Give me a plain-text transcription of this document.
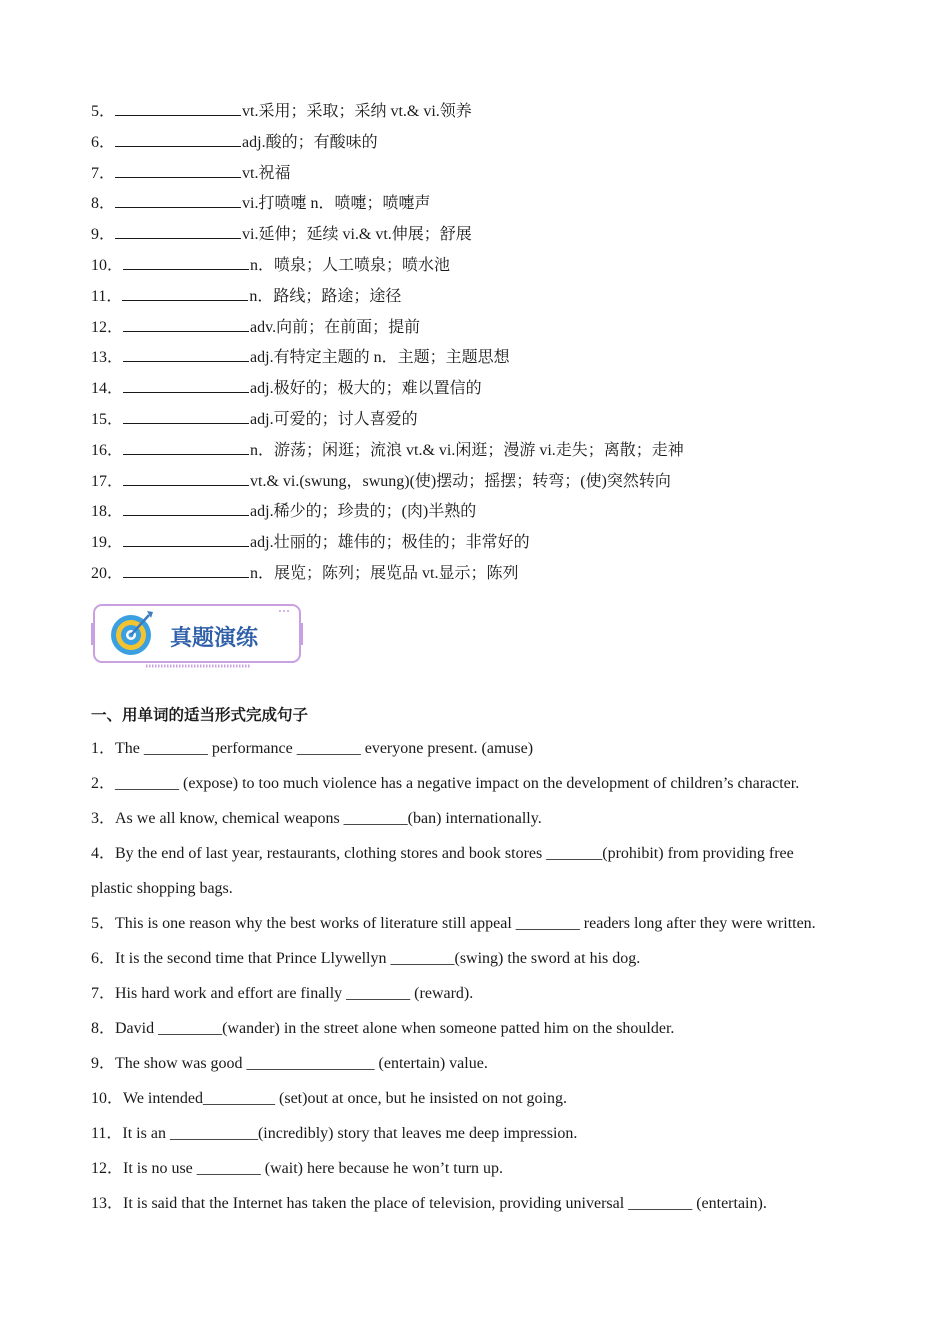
5．	vt.采用；采取；采纳 vt.& vi.领养
6．	adj.酸的；有酸味的
7．	vt.祝福
8．	vi.打喷嚏 n．喷嚏；喷嚏声
9．	vi.延伸；延续 vi.& vt.伸展；舒展
10．	n．喷泉；人工喷泉；喷水池
11．	n．路线；路途；途径
12．	adv.向前；在前面；提前
13．	adj.有特定主题的 n．主题；主题思想
14．	adj.极好的；极大的；难以置信的
15．	adj.可爱的；讨人喜爱的
16．	n．游荡；闲逛；流浪 vt.& vi.闲逛；漫游 vi.走失；离散；走神
17．	vt.& vi.(swung，swung)(使)摆动；摇摆；转弯；(使)突然转向
18．	adj.稀少的；珍贵的；(肉)半熟的
19．	adj.壮丽的；雄伟的；极佳的；非常好的
20．	n．展览；陈列；展览品 vt.显示；陈列
真题演练
一、用单词的适当形式完成句子
1．The ________ performance ________ everyone present. (amuse)
2．________ (expose) to too much violence has a negative impact on the development of children’s character.
3．As we all know, chemical weapons ________(ban) internationally.
4．By the end of last year, restaurants, clothing stores and book stores _______(prohibit) from providing free
plastic shopping bags.
5．This is one reason why the best works of literature still appeal ________ readers long after they were written.
6．It is the second time that Prince Llywellyn ________(swing) the sword at his dog.
7．His hard work and effort are finally ________ (reward).
8．David ________(wander) in the street alone when someone patted him on the shoulder.
9．The show was good ________________ (entertain) value.
10．We intended_________ (set)out at once, but he insisted on not going.
11．It is an ___________(incredibly) story that leaves me deep impression.
12．It is no use ________ (wait) here because he won’t turn up.
13．It is said that the Internet has taken the place of television, providing universal ________ (entertain).
